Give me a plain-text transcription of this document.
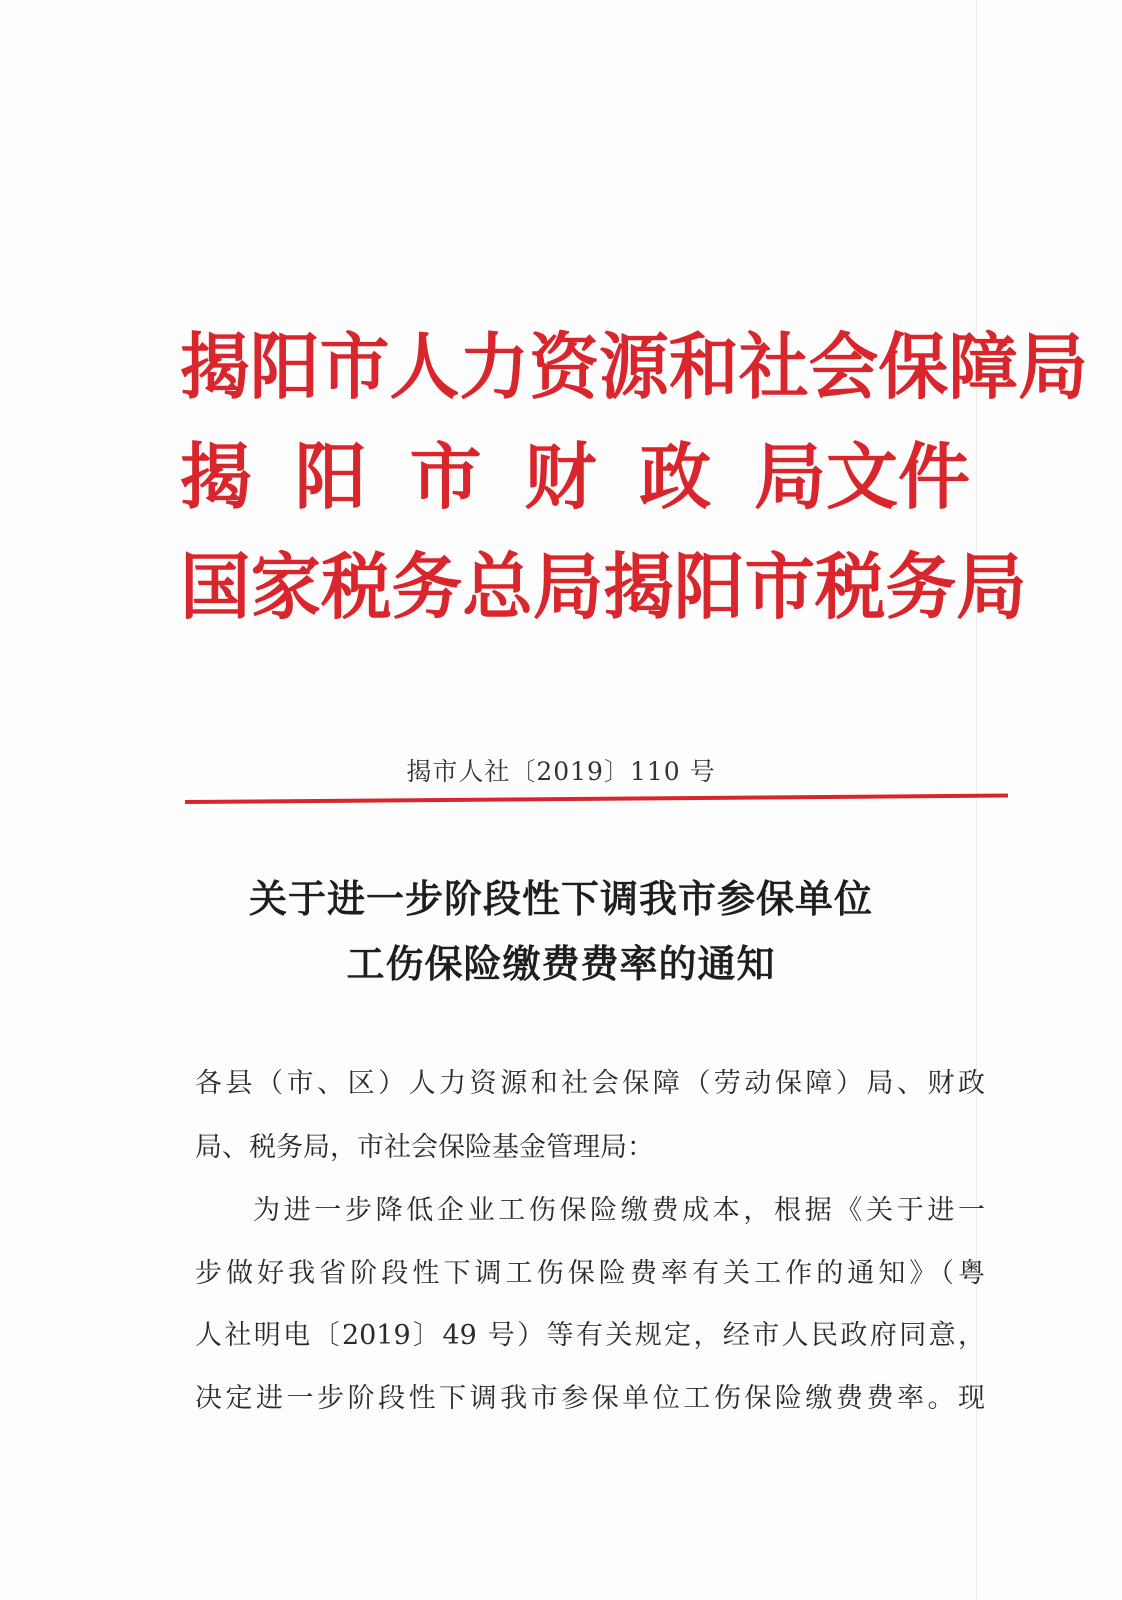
揭阳市人力资源和社会保障局
揭 阳 市 财 政 局文件
国家税务总局揭阳市税务局
揭市人社〔2019〕110 号
关于进一步阶段性下调我市参保单位
工伤保险缴费费率的通知
各县（市、区）人力资源和社会保障（劳动保障）局、财政
局、税务局，市社会保险基金管理局：
为进一步降低企业工伤保险缴费成本，根据《关于进一
步做好我省阶段性下调工伤保险费率有关工作的通知》（粤
人社明电〔2019〕49 号）等有关规定，经市人民政府同意，
决定进一步阶段性下调我市参保单位工伤保险缴费费率。现
